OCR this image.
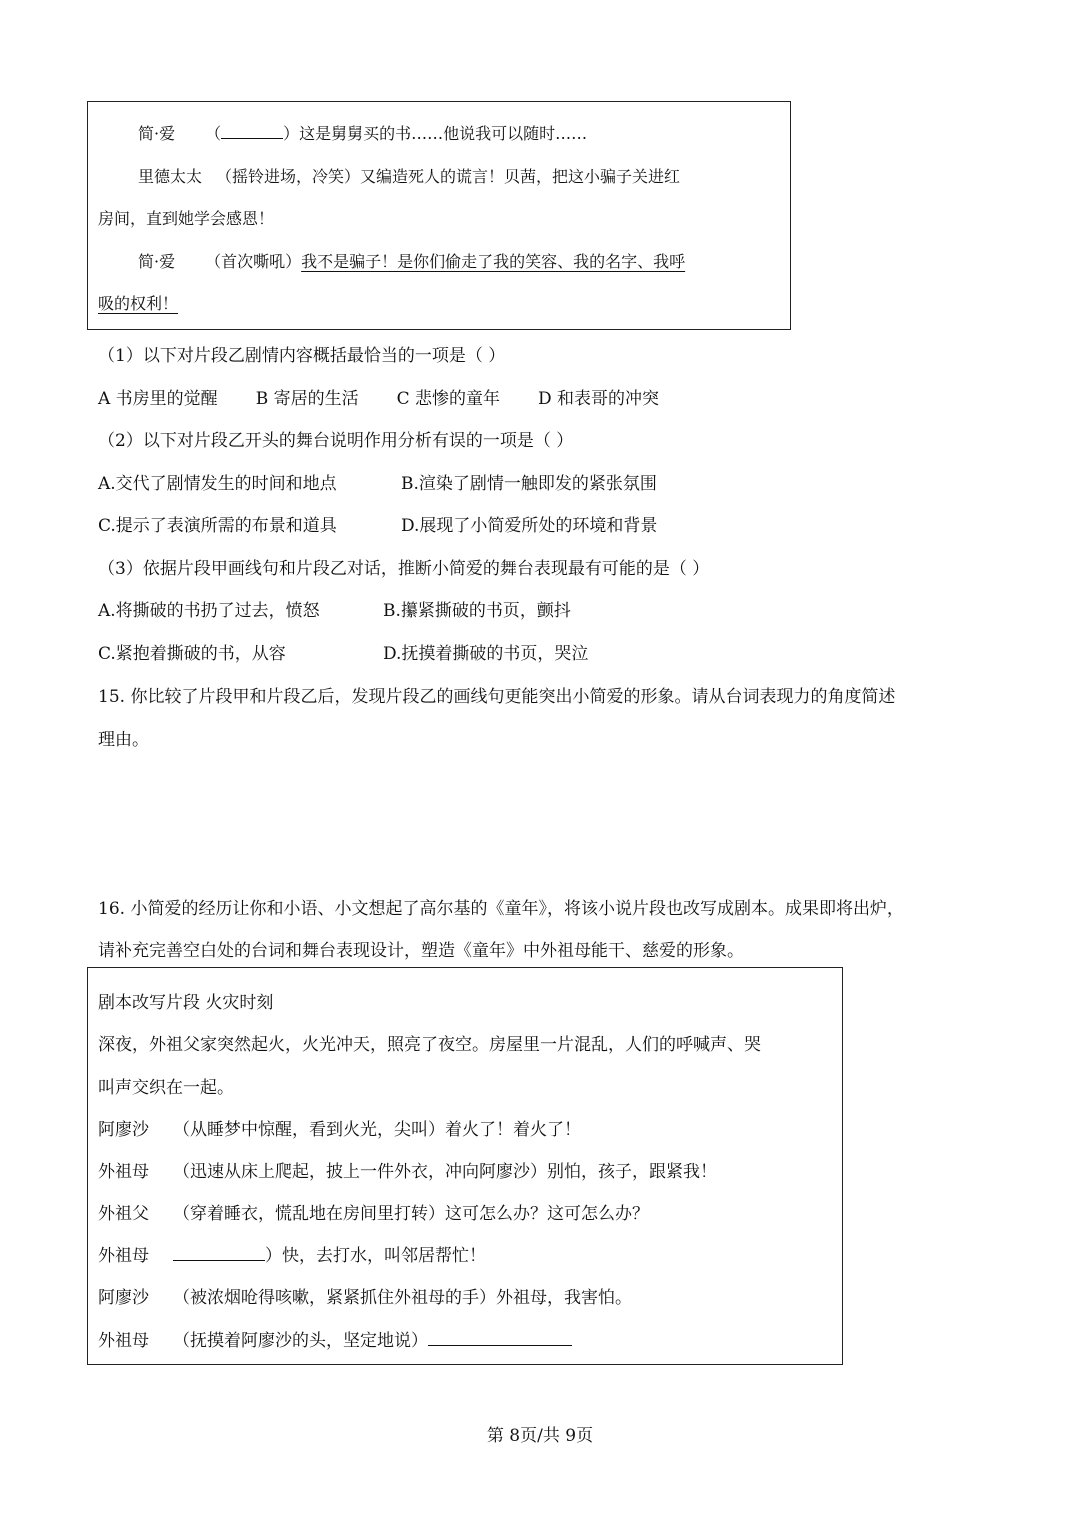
简·爱 （	）这是舅舅买的书……他说我可以随时……
里德太太 （摇铃进场，冷笑）又编造死人的谎言！贝茜，把这小骗子关进红
房间，直到她学会感恩！
简·爱 （首次嘶吼）我不是骗子！是你们偷走了我的笑容、我的名字、我呼
吸的权利！
（1）以下对片段乙剧情内容概括最恰当的一项是（ ）
A 书房里的觉醒 B 寄居的生活 C 悲惨的童年 D 和表哥的冲突
（2）以下对片段乙开头的舞台说明作用分析有误的一项是（ ）
A.交代了剧情发生的时间和地点	B.渲染了剧情一触即发的紧张氛围
C.提示了表演所需的布景和道具	D.展现了小简爱所处的环境和背景
（3）依据片段甲画线句和片段乙对话，推断小简爱的舞台表现最有可能的是（ ）
A.将撕破的书扔了过去，愤怒	B.攥紧撕破的书页，颤抖
C.紧抱着撕破的书，从容	D.抚摸着撕破的书页，哭泣
15. 你比较了片段甲和片段乙后，发现片段乙的画线句更能突出小简爱的形象。请从台词表现力的角度简述
理由。
16. 小简爱的经历让你和小语、小文想起了高尔基的《童年》，将该小说片段也改写成剧本。成果即将出炉，
请补充完善空白处的台词和舞台表现设计，塑造《童年》中外祖母能干、慈爱的形象。
剧本改写片段 火灾时刻
深夜，外祖父家突然起火，火光冲天，照亮了夜空。房屋里一片混乱，人们的呼喊声、哭
叫声交织在一起。
阿廖沙 （从睡梦中惊醒，看到火光，尖叫）着火了！着火了！
外祖母 （迅速从床上爬起，披上一件外衣，冲向阿廖沙）别怕，孩子，跟紧我！
外祖父 （穿着睡衣，慌乱地在房间里打转）这可怎么办？这可怎么办？
外祖母	）快，去打水，叫邻居帮忙！
阿廖沙 （被浓烟呛得咳嗽，紧紧抓住外祖母的手）外祖母，我害怕。
外祖母 （抚摸着阿廖沙的头，坚定地说）
第 8页/共 9页
